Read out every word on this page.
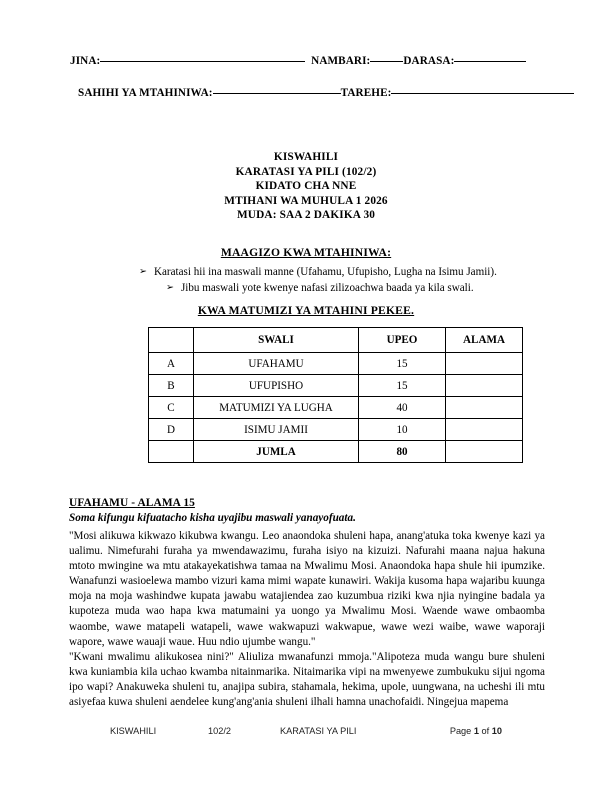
JINA:	NAMBARI:	DARASA:
SAHIHI YA MTAHINIWA:	TAREHE:
KISWAHILI
KARATASI YA PILI (102/2)
KIDATO CHA NNE
MTIHANI WA MUHULA 1 2026
MUDA: SAA 2 DAKIKA 30
MAAGIZO KWA MTAHINIWA:
➢ Karatasi hii ina maswali manne (Ufahamu, Ufupisho, Lugha na Isimu Jamii).
➢ Jibu maswali yote kwenye nafasi zilizoachwa baada ya kila swali.
KWA MATUMIZI YA MTAHINI PEKEE.
	SWALI	UPEO	ALAMA
A	UFAHAMU	15	
B	UFUPISHO	15	
C	MATUMIZI YA LUGHA	40	
D	ISIMU JAMII	10	
	JUMLA	80	
UFAHAMU - ALAMA 15
Soma kifungu kifuatacho kisha uyajibu maswali yanayofuata.

"Mosi alikuwa kikwazo kikubwa kwangu. Leo anaondoka shuleni hapa, anang'atuka toka kwenye kazi ya ualimu. Nimefurahi furaha ya mwendawazimu, furaha isiyo na kizuizi. Nafurahi maana najua hakuna mtoto mwingine wa mtu atakayekatishwa tamaa na Mwalimu Mosi. Anaondoka hapa shule hii ipumzike. Wanafunzi wasioelewa mambo vizuri kama mimi wapate kunawiri. Wakija kusoma hapa wajaribu kuunga moja na moja washindwe kupata jawabu watajiendea zao kuzumbua riziki kwa njia nyingine badala ya kupoteza muda wao hapa kwa matumaini ya uongo ya Mwalimu Mosi. Waende wawe ombaomba waombe, wawe matapeli watapeli, wawe wakwapuzi wakwapue, wawe wezi waibe, wawe waporaji wapore, wawe wauaji waue. Huu ndio ujumbe wangu."

"Kwani mwalimu alikukosea nini?" Aliuliza mwanafunzi mmoja."Alipoteza muda wangu bure shuleni kwa kuniambia kila uchao kwamba nitainmarika. Nitaimarika vipi na mwenyewe zumbukuku sijui ngoma ipo wapi? Anakuweka shuleni tu, anajipa subira, stahamala, hekima, upole, uungwana, na ucheshi ili mtu asiyefaa kuwa shuleni aendelee kung'ang'ania shuleni ilhali hamna unachofaidi. Ningejua mapema

KISWAHILI	102/2	KARATASI YA PILI	Page 1 of 10
